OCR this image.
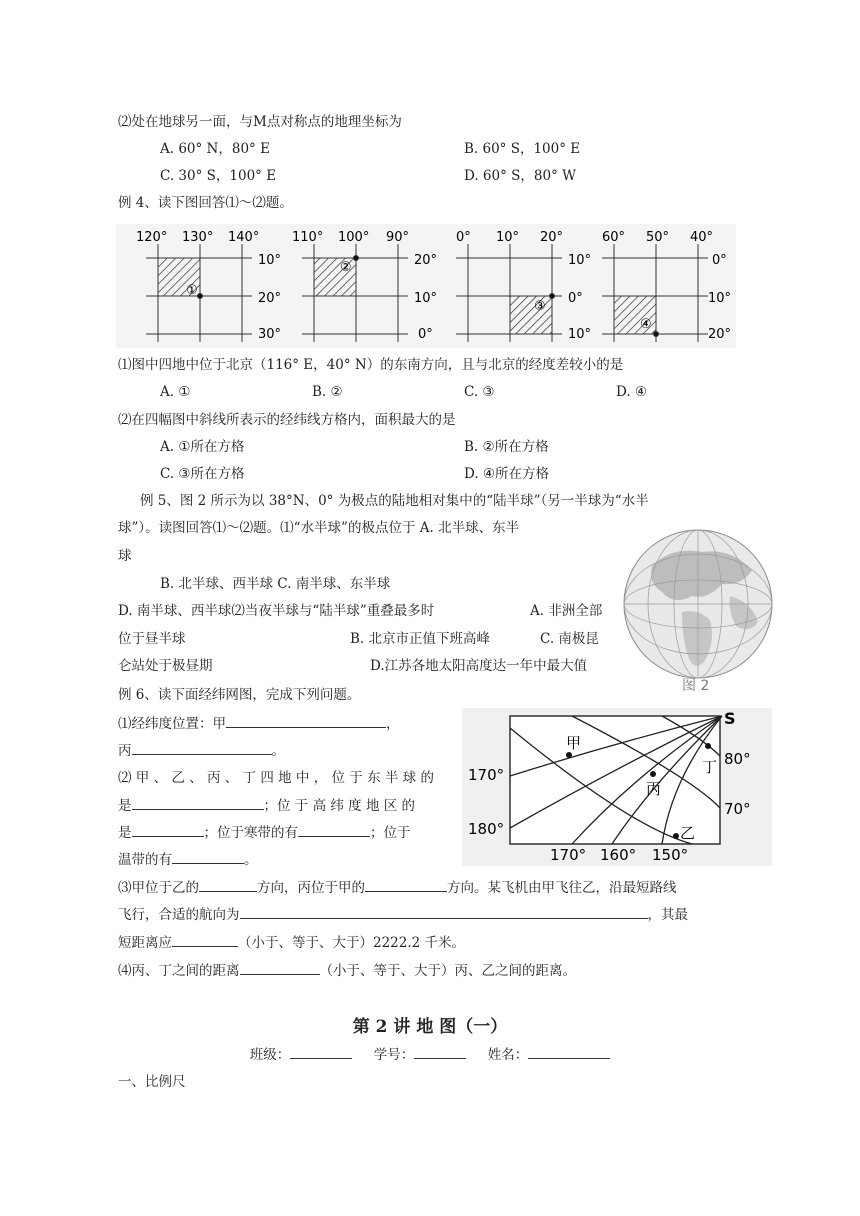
⑵处在地球另一面，与M点对称点的地理坐标为
A. 60° N，80° E	B. 60° S，100° E
C. 30° S，100° E	D. 60° S，80° W
例 4、读下图回答⑴～⑵题。
120° 130° 140°
10°
20°
30°
①
110° 100° 90°
20°
10°
0°
②
0° 10° 20°
10°
0°
10°
③
60° 50° 40°
0°
10°
20°
④
⑴图中四地中位于北京（116° E，40° N）的东南方向，且与北京的经度差较小的是
A. ①	B. ②	C. ③	D. ④
⑵在四幅图中斜线所表示的经纬线方格内，面积最大的是
A. ①所在方格	B. ②所在方格
C. ③所在方格	D. ④所在方格
例 5、图 2 所示为以 38°N、0° 为极点的陆地相对集中的“陆半球”（另一半球为“水半
球”）。读图回答⑴～⑵题。⑴“水半球”的极点位于 A. 北半球、东半
球
B. 北半球、西半球 C. 南半球、东半球
D. 南半球、西半球⑵当夜半球与“陆半球”重叠最多时	A. 非洲全部
位于昼半球	B. 北京市正值下班高峰	C. 南极昆
仑站处于极昼期	D.江苏各地太阳高度达一年中最大值
图 2
例 6、读下面经纬网图，完成下列问题。
⑴经纬度位置：甲	，
丙	。
⑵ 甲 、 乙 、 丙 、 丁 四 地 中 ， 位 于 东 半 球 的
是	；位 于 高 纬 度 地 区 的
是	；位于寒带的有	；位于
温带的有	。
S
甲
丙
丁
乙
80°
70°
170°
180°
170° 160° 150°
⑶甲位于乙的	方向，丙位于甲的	方向。某飞机由甲飞往乙，沿最短路线
飞行，合适的航向为	，其最
短距离应	（小于、等于、大于）2222.2 千米。
⑷丙、丁之间的距离	（小于、等于、大于）丙、乙之间的距离。
第 2 讲 地 图（一）
班级：	学号：	姓名：
一、比例尺
